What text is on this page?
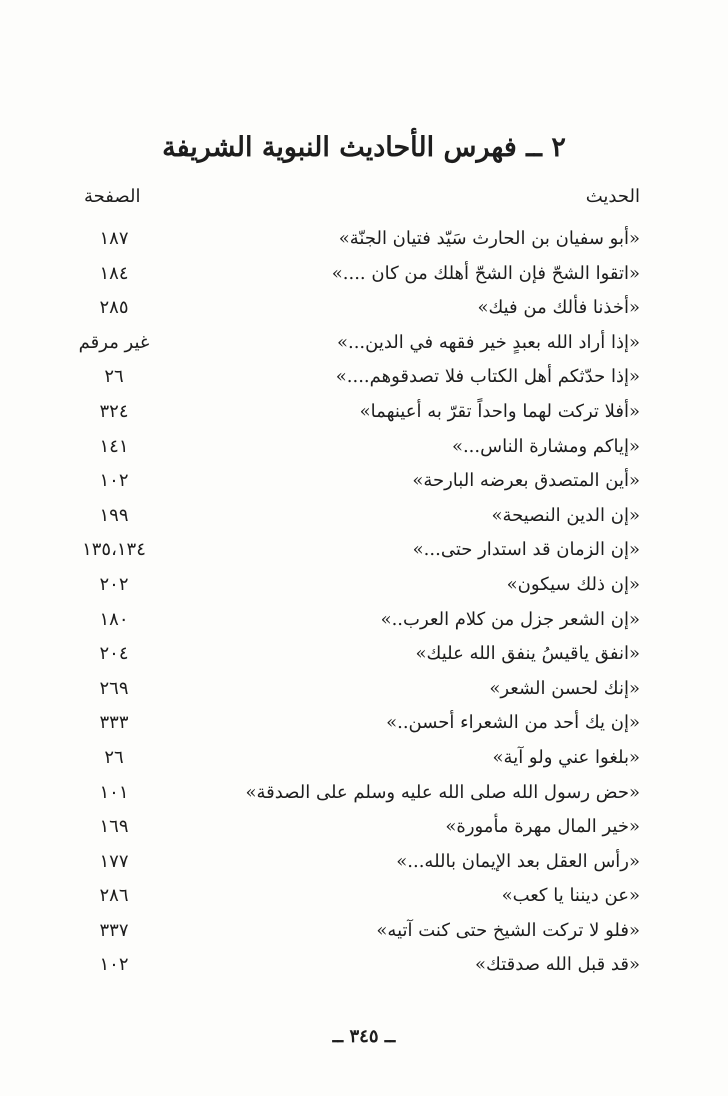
٢ ــ فهرس الأحاديث النبوية الشريفة
الحديث
الصفحة
«أبو سفيان بن الحارث سَيّد فتيان الجنّة»
١٨٧
«اتقوا الشحّ فإن الشحّ أهلك من كان ....»
١٨٤
«أخذنا فألك من فيك»
٢٨٥
«إذا أراد الله بعبدٍ خير فقهه في الدين...»
غير مرقم
«إذا حدّثكم أهل الكتاب فلا تصدقوهم....»
٢٦
«أفلا تركت لهما واحداً تقرّ به أعينهما»
٣٢٤
«إياكم ومشارة الناس...»
١٤١
«أين المتصدق بعرضه البارحة»
١٠٢
«إن الدين النصيحة»
١٩٩
«إن الزمان قد استدار حتى...»
١٣٥،١٣٤
«إن ذلك سيكون»
٢٠٢
«إن الشعر جزل من كلام العرب..»
١٨٠
«انفق ياقيسُ ينفق الله عليك»
٢٠٤
«إنك لحسن الشعر»
٢٦٩
«إن يك أحد من الشعراء أحسن..»
٣٣٣
«بلغوا عني ولو آية»
٢٦
«حض رسول الله صلى الله عليه وسلم على الصدقة»
١٠١
«خير المال مهرة مأمورة»
١٦٩
«رأس العقل بعد الإيمان بالله...»
١٧٧
«عن ديننا يا كعب»
٢٨٦
«فلو لا تركت الشيخ حتى كنت آتيه»
٣٣٧
«قد قبل الله صدقتك»
١٠٢
ــ ٣٤٥ ــ
